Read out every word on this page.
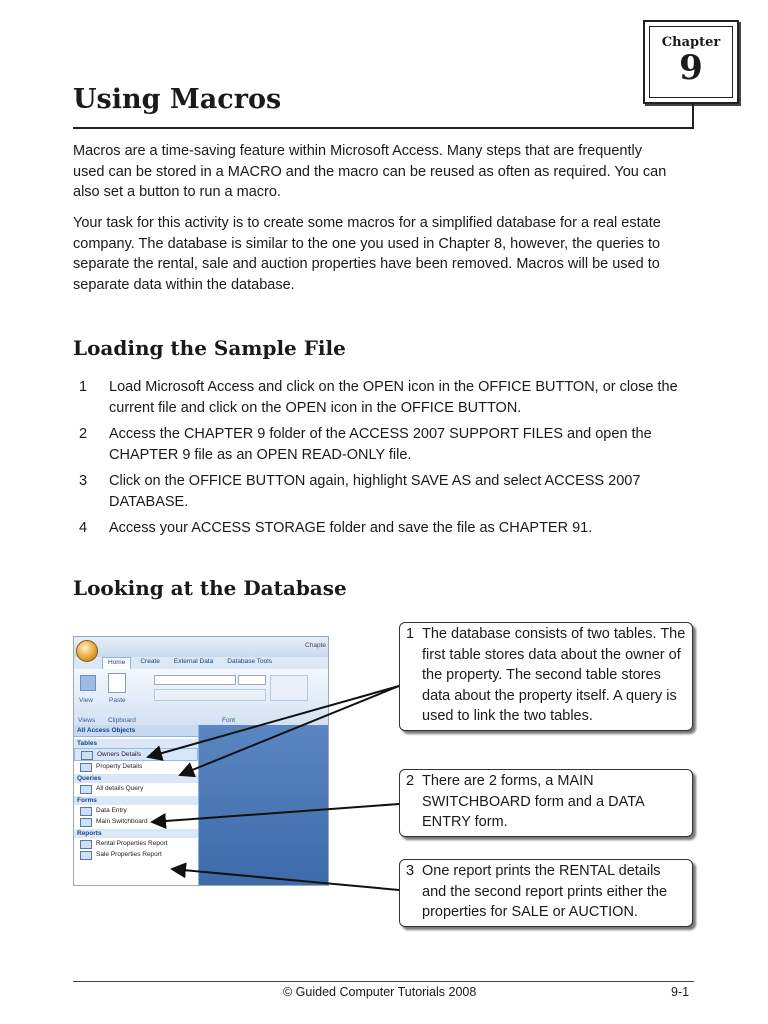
Chapter
9
Using Macros

Macros are a time-saving feature within Microsoft Access. Many steps that are frequently used can be stored in a MACRO and the macro can be reused as often as required. You can also set a button to run a macro.

Your task for this activity is to create some macros for a simplified database for a real estate company. The database is similar to the one you used in Chapter 8, however, the queries to separate the rental, sale and auction properties have been removed. Macros will be used to separate data within the database.

Loading the Sample File
1	Load Microsoft Access and click on the OPEN icon in the OFFICE BUTTON, or close the current file and click on the OPEN icon in the OFFICE BUTTON.
2	Access the CHAPTER 9 folder of the ACCESS 2007 SUPPORT FILES and open the CHAPTER 9 file as an OPEN READ-ONLY file.
3	Click on the OFFICE BUTTON again, highlight SAVE AS and select ACCESS 2007 DATABASE.
4	Access your ACCESS STORAGE folder and save the file as CHAPTER 91.
Looking at the Database
Chapte
Home	Create	External Data	Database Tools
View Paste
Views Clipboard	Font
All Access Objects
Tables
Owners Details
Property Details
Queries
All details Query
Forms
Data Entry
Main Switchboard
Reports
Rental Properties Report
Sale Properties Report
1 The database consists of two tables. The first table stores data about the owner of the property. The second table stores data about the property itself. A query is used to link the two tables.
2 There are 2 forms, a MAIN SWITCHBOARD form and a DATA ENTRY form.
3 One report prints the RENTAL details and the second report prints either the properties for SALE or AUCTION.
© Guided Computer Tutorials 2008	9-1
